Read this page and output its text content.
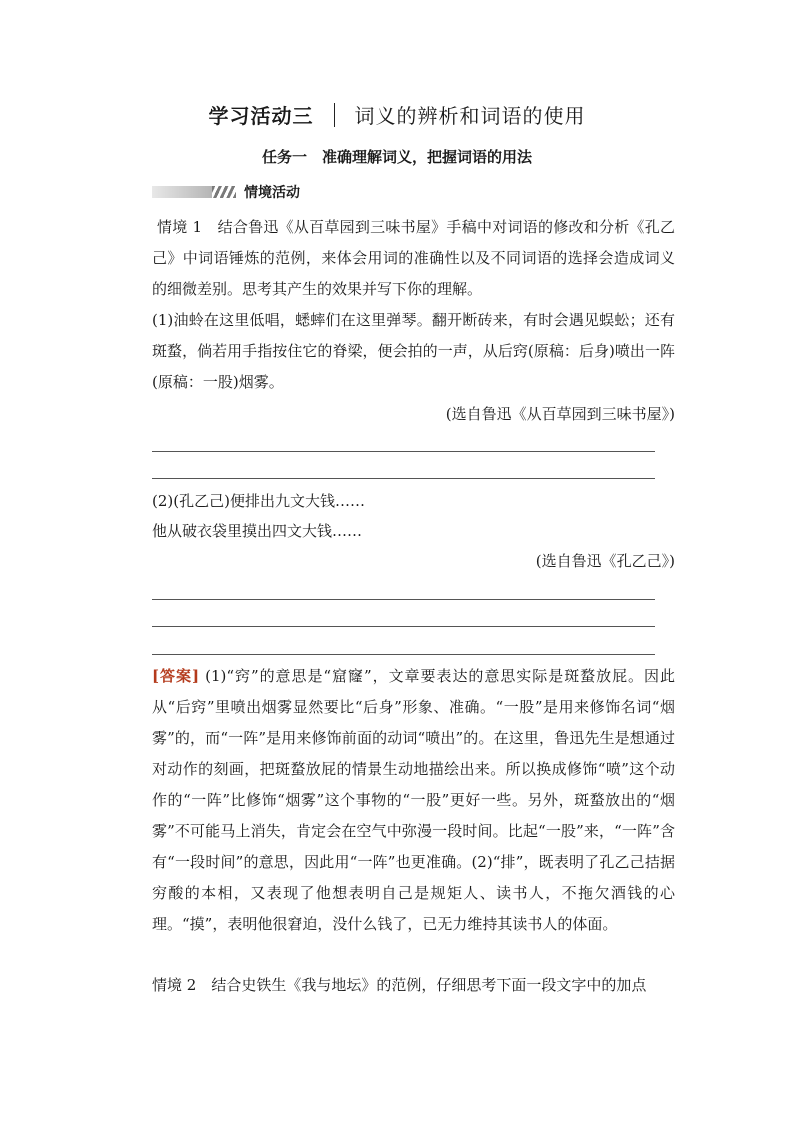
学习活动三 词义的辨析和词语的使用
任务一　准确理解词义，把握词语的用法
情境活动

情境 1　 结合鲁迅《从百草园到三味书屋》手稿中对词语的修改和分析《孔乙己》中词语锤炼的范例，来体会用词的准确性以及不同词语的选择会造成词义的细微差别。思考其产生的效果并写下你的理解。

(1)油蛉在这里低唱，蟋蟀们在这里弹琴。翻开断砖来，有时会遇见蜈蚣；还有斑蝥，倘若用手指按住它的脊梁，便会拍的一声，从后窍(原稿：后身)喷出一阵(原稿：一股)烟雾。

(选自鲁迅《从百草园到三味书屋》)

(2)(孔乙己)便排出九文大钱……

他从破衣袋里摸出四文大钱……

(选自鲁迅《孔乙己》)

[答案] (1)“窍”的意思是“窟窿”，文章要表达的意思实际是斑蝥放屁。因此从“后窍”里喷出烟雾显然要比“后身”形象、准确。“一股”是用来修饰名词“烟雾”的，而“一阵”是用来修饰前面的动词“喷出”的。在这里，鲁迅先生是想通过对动作的刻画，把斑蝥放屁的情景生动地描绘出来。所以换成修饰“喷”这个动作的“一阵”比修饰“烟雾”这个事物的“一股”更好一些。另外，斑蝥放出的“烟雾”不可能马上消失，肯定会在空气中弥漫一段时间。比起“一股”来，“一阵”含有“一段时间”的意思，因此用“一阵”也更准确。(2)“排”，既表明了孔乙己拮据穷酸的本相，又表现了他想表明自己是规矩人、读书人，不拖欠酒钱的心理。“摸”，表明他很窘迫，没什么钱了，已无力维持其读书人的体面。

情境 2　 结合史铁生《我与地坛》的范例，仔细思考下面一段文字中的加点
